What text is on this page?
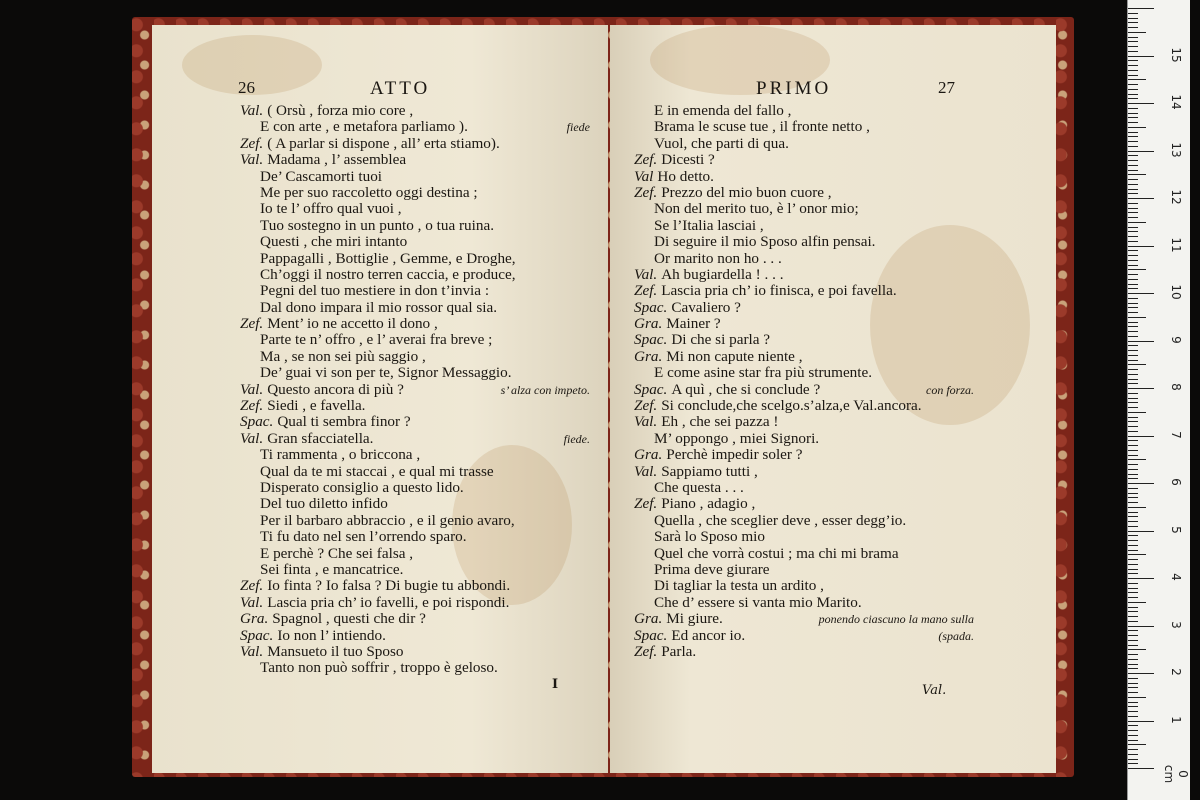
26	ATTO
Val. ( Orsù , forza mio core ,
E con arte , e metafora parliamo ).	fiede
Zef. ( A parlar si dispone , all’ erta stiamo).
Val. Madama , l’ assemblea
De’ Cascamorti tuoi
Me per suo raccoletto oggi destina ;
Io te l’ offro qual vuoi ,
Tuo sostegno in un punto , o tua ruina.
Questi , che miri intanto
Pappagalli , Bottiglie , Gemme, e Droghe,
Ch’oggi il nostro terren caccia, e produce,
Pegni del tuo mestiere in don t’invia :
Dal dono impara il mio rossor qual sia.
Zef. Ment’ io ne accetto il dono ,
Parte te n’ offro , e l’ averai fra breve ;
Ma , se non sei più saggio ,
De’ guai vi son per te, Signor Messaggio.
Val. Questo ancora di più ?	s’ alza con impeto.
Zef. Siedi , e favella.
Spac. Qual ti sembra finor ?
Val. Gran sfacciatella.	fiede.
Ti rammenta , o briccona ,
Qual da te mi staccai , e qual mi trasse
Disperato consiglio a questo lido.
Del tuo diletto infido
Per il barbaro abbraccio , e il genio avaro,
Ti fu dato nel sen l’orrendo sparo.
E perchè ? Che sei falsa ,
Sei finta , e mancatrice.
Zef. Io finta ? Io falsa ? Di bugie tu abbondi.
Val. Lascia pria ch’ io favelli, e poi rispondi.
Gra. Spagnol , questi che dir ?
Spac. Io non l’ intiendo.
Val. Mansueto il tuo Sposo
Tanto non può soffrir , troppo è geloso.
I
PRIMO	27
E in emenda del fallo ,
Brama le scuse tue , il fronte netto ,
Vuol, che parti di qua.
Zef. Dicesti ?
Val Ho detto.
Zef. Prezzo del mio buon cuore ,
Non del merito tuo, è l’ onor mio;
Se l’Italia lasciai ,
Di seguire il mio Sposo alfin pensai.
Or marito non ho . . .
Val. Ah bugiardella ! . . .
Zef. Lascia pria ch’ io finisca, e poi favella.
Spac. Cavaliero ?
Gra. Mainer ?
Spac. Di che si parla ?
Gra. Mi non capute niente ,
E come asine star fra più strumente.
Spac. A quì , che si conclude ?	con forza.
Zef. Si conclude,che scelgo.s’alza,e Val.ancora.
Val. Eh , che sei pazza !
M’ oppongo , miei Signori.
Gra. Perchè impedir soler ?
Val. Sappiamo tutti ,
Che questa . . .
Zef. Piano , adagio ,
Quella , che sceglier deve , esser degg’io.
Sarà lo Sposo mio
Quel che vorrà costui ; ma chi mi brama
Prima deve giurare
Di tagliar la testa un ardito ,
Che d’ essere si vanta mio Marito.
Gra. Mi giure.	ponendo ciascuno la mano sulla
Spac. Ed ancor io.	(spada.
Zef. Parla.
Val.
15
14
13
12
11
10
9
8
7
6
5
4
3
2
1
0 cm
